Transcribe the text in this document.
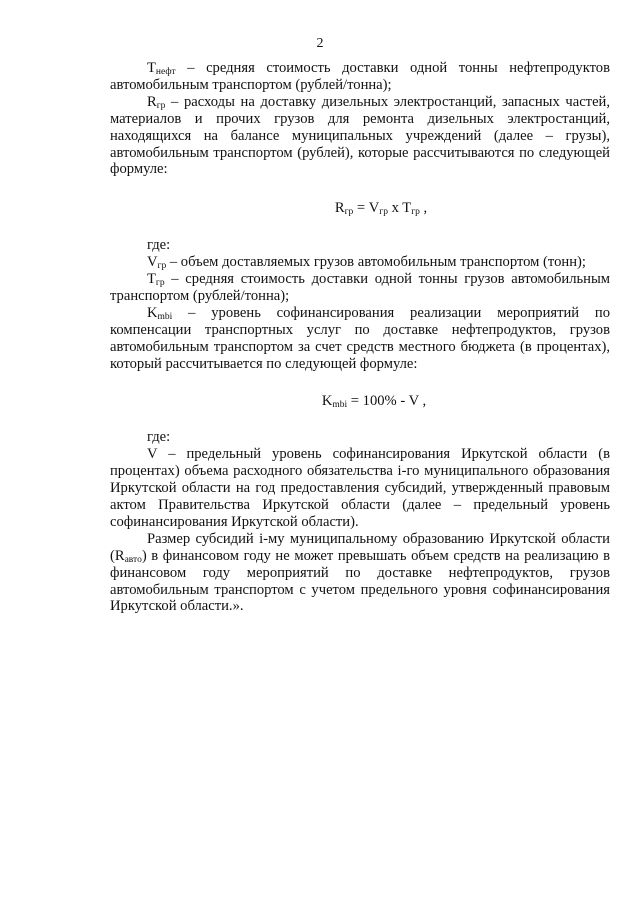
2

$T_{нефт}$ – средняя стоимость доставки одной тонны нефтепродуктов автомобильным транспортом (рублей/тонна);

$R_{гр}$ – расходы на доставку дизельных электростанций, запасных частей, материалов и прочих грузов для ремонта дизельных электростанций, находящихся на балансе муниципальных учреждений (далее – грузы), автомобильным транспортом (рублей), которые рассчитываются по следующей формуле:

$R_{гр} = V_{гр}$ x $T_{гр}$ ,

где:

$V_{гр}$ – объем доставляемых грузов автомобильным транспортом (тонн);

$T_{гр}$ – средняя стоимость доставки одной тонны грузов автомобильным транспортом (рублей/тонна);

$K_{mbi}$ – уровень софинансирования реализации мероприятий по компенсации транспортных услуг по доставке нефтепродуктов, грузов автомобильным транспортом за счет средств местного бюджета (в процентах), который рассчитывается по следующей формуле:

$K_{mbi} = 100\% - V$ ,

где:

V – предельный уровень софинансирования Иркутской области (в процентах) объема расходного обязательства i-го муниципального образования Иркутской области на год предоставления субсидий, утвержденный правовым актом Правительства Иркутской области (далее – предельный уровень софинансирования Иркутской области).

Размер субсидий i-му муниципальному образованию Иркутской области $(R_{авто})$ в финансовом году не может превышать объем средств на реализацию в финансовом году мероприятий по доставке нефтепродуктов, грузов автомобильным транспортом с учетом предельного уровня софинансирования Иркутской области.».
